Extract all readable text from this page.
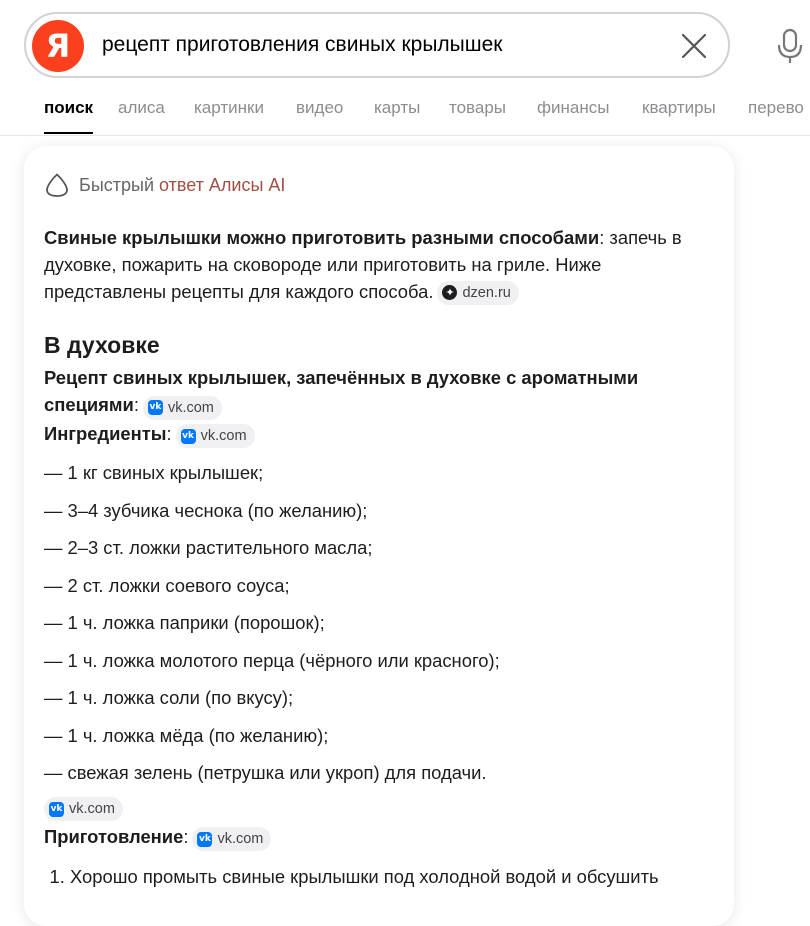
Я
рецепт приготовления свиных крылышек
поиск алиса картинки видео карты товары финансы квартиры перево
Быстрый ответ Алисы AI

Свиные крылышки можно приготовить разными способами: запечь в духовке, пожарить на сковороде или приготовить на гриле. Ниже представлены рецепты для каждого способа. ✦ dzen.ru

В духовке

Рецепт свиных крылышек, запечённых в духовке с ароматными специями: vk vk.com

Ингредиенты: vk vk.com

— 1 кг свиных крылышек;
— 3–4 зубчика чеснока (по желанию);
— 2–3 ст. ложки растительного масла;
— 2 ст. ложки соевого соуса;
— 1 ч. ложка паприки (порошок);
— 1 ч. ложка молотого перца (чёрного или красного);
— 1 ч. ложка соли (по вкусу);
— 1 ч. ложка мёда (по желанию);
— свежая зелень (петрушка или укроп) для подачи.
vk vk.com

Приготовление: vk vk.com

1. Хорошо промыть свиные крылышки под холодной водой и обсушить
